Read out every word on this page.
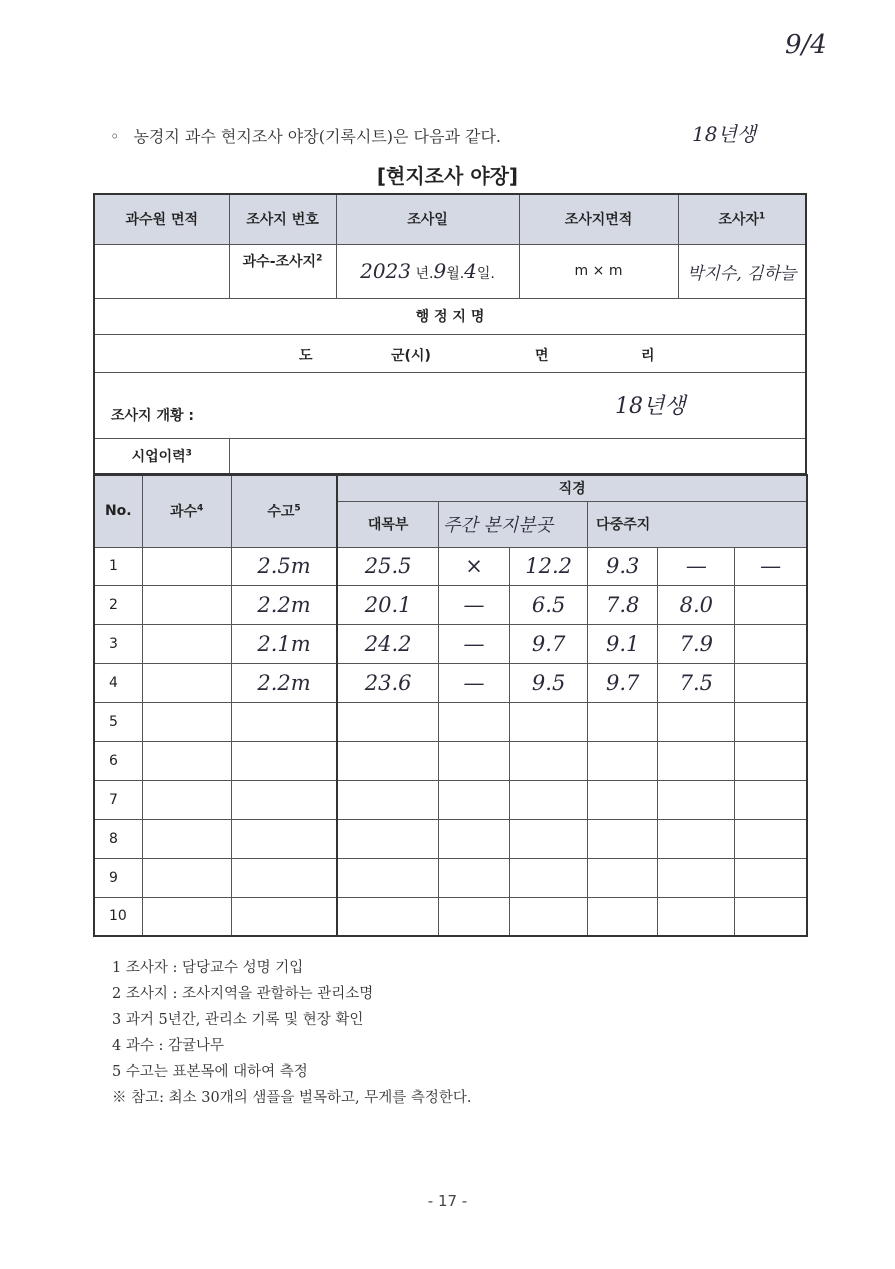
9/4
◦ 농경지 과수 현지조사 야장(기록시트)은 다음과 같다.	18년생
[현지조사 야장]
과수원 면적	조사지 번호	조사일	조사지면적	조사자$^1$
	과수-조사지$^2$	2023 년.9월.4일.	m × m	박지수, 김하늘
행 정 지 명				

도 군(시) 면 리				

조사지 개황 : 18년생				

시업이력$^3$	
No.	과수$^4$	수고$^5$	직경					
			대목부	주간 본지분곳		다중주지		
1		2.5m	25.5	×	12.2	9.3	—	—
2		2.2m	20.1	—	6.5	7.8	8.0	
3		2.1m	24.2	—	9.7	9.1	7.9	
4		2.2m	23.6	—	9.5	9.7	7.5	
5								
6								
7								
8								
9								
10								
1 조사자 : 담당교수 성명 기입
2 조사지 : 조사지역을 관할하는 관리소명
3 과거 5년간, 관리소 기록 및 현장 확인
4 과수 : 감귤나무
5 수고는 표본목에 대하여 측정
※ 참고: 최소 30개의 샘플을 벌목하고, 무게를 측정한다.
- 17 -
